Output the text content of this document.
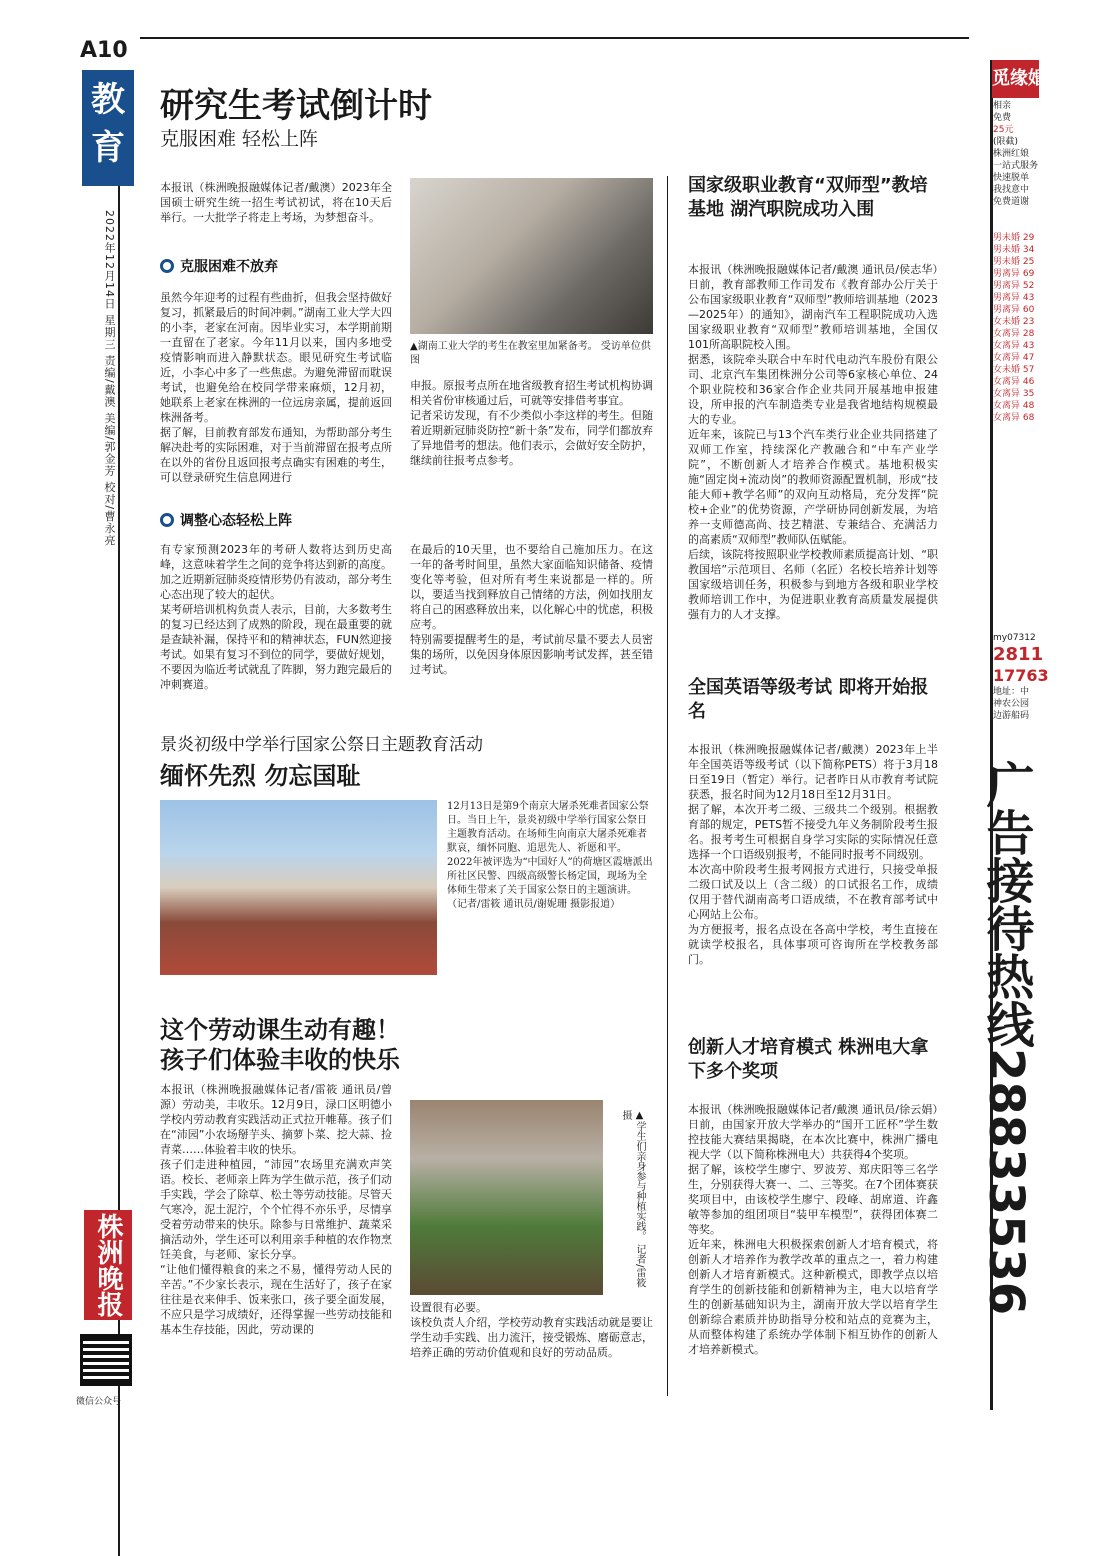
A10
教育
2022年12月14日 星期三 责编/戴澳 美编/郭金芳 校对/曹永亮
株洲晚报
微信公众号
研究生考试倒计时
克服困难 轻松上阵
本报讯（株洲晚报融媒体记者/戴澳）2023年全国硕士研究生统一招生考试初试，将在10天后举行。一大批学子将走上考场，为梦想奋斗。
克服困难不放弃

虽然今年迎考的过程有些曲折，但我会坚持做好复习，抓紧最后的时间冲刺。”湖南工业大学大四的小李，老家在河南。因毕业实习，本学期前期一直留在了老家。今年11月以来，国内多地受疫情影响而进入静默状态。眼见研究生考试临近，小李心中多了一些焦虑。为避免滞留而耽误考试，也避免给在校同学带来麻烦，12月初，她联系上老家在株洲的一位远房亲属，提前返回株洲备考。

据了解，目前教育部发布通知，为帮助部分考生解决赴考的实际困难，对于当前滞留在报考点所在以外的省份且返回报考点确实有困难的考生，可以登录研究生信息网进行

▲湖南工业大学的考生在教室里加紧备考。 受访单位供图

申报。原报考点所在地省级教育招生考试机构协调相关省份审核通过后，可就等安排借考事宜。

记者采访发现，有不少类似小李这样的考生。但随着近期新冠肺炎防控“新十条”发布，同学们都放弃了异地借考的想法。他们表示，会做好安全防护，继续前往报考点参考。

调整心态轻松上阵

有专家预测2023年的考研人数将达到历史高峰，这意味着学生之间的竞争将达到新的高度。加之近期新冠肺炎疫情形势仍有波动，部分考生心态出现了较大的起伏。

某考研培训机构负责人表示，目前，大多数考生的复习已经达到了成熟的阶段，现在最重要的就是查缺补漏，保持平和的精神状态，FUN然迎接考试。如果有复习不到位的同学，要做好规划，不要因为临近考试就乱了阵脚，努力跑完最后的冲刺赛道。

在最后的10天里，也不要给自己施加压力。在这一年的备考时间里，虽然大家面临知识储备、疫情变化等考验，但对所有考生来说都是一样的。所以，要适当找到释放自己情绪的方法，例如找朋友将自己的困惑释放出来，以化解心中的忧虑，积极应考。

特别需要提醒考生的是，考试前尽量不要去人员密集的场所，以免因身体原因影响考试发挥，甚至错过考试。

景炎初级中学举行国家公祭日主题教育活动
缅怀先烈 勿忘国耻

12月13日是第9个南京大屠杀死难者国家公祭日。当日上午，景炎初级中学举行国家公祭日主题教育活动。在场师生向南京大屠杀死难者默哀，缅怀同胞、追思先人、祈愿和平。

2022年被评选为“中国好人”的荷塘区霞塘派出所社区民警、四级高级警长杨定国，现场为全体师生带来了关于国家公祭日的主题演讲。

（记者/雷筱 通讯员/谢妮珊 摄影报道）

这个劳动课生动有趣！
孩子们体验丰收的快乐

本报讯（株洲晚报融媒体记者/雷筱 通讯员/曾源）劳动美，丰收乐。12月9日，渌口区明德小学校内劳动教育实践活动正式拉开帷幕。孩子们在“沛园”小农场掰芋头、摘萝卜菜、挖大蒜、捡青菜……体验着丰收的快乐。

孩子们走进种植园，“沛园”农场里充满欢声笑语。校长、老师亲上阵为学生做示范，孩子们动手实践，学会了除草、松土等劳动技能。尽管天气寒冷，泥土泥泞，个个忙得不亦乐乎，尽情享受着劳动带来的快乐。除参与日常维护、蔬菜采摘活动外，学生还可以利用亲手种植的农作物烹饪美食，与老师、家长分享。

“让他们懂得粮食的来之不易，懂得劳动人民的辛苦。”不少家长表示，现在生活好了，孩子在家往往是衣来伸手、饭来张口，孩子要全面发展，不应只是学习成绩好，还得掌握一些劳动技能和基本生存技能，因此，劳动课的

▲学生们亲身参与种植实践。 记者/雷筱 摄

设置很有必要。

该校负责人介绍，学校劳动教育实践活动就是要让学生动手实践、出力流汗，接受锻炼、磨砺意志，培养正确的劳动价值观和良好的劳动品质。

国家级职业教育“双师型”教培基地 湖汽职院成功入围

本报讯（株洲晚报融媒体记者/戴澳 通讯员/侯志华）日前，教育部教师工作司发布《教育部办公厅关于公布国家级职业教育“双师型”教师培训基地（2023—2025年）的通知》，湖南汽车工程职院成功入选国家级职业教育“双师型”教师培训基地，全国仅101所高职院校入围。

据悉，该院牵头联合中车时代电动汽车股份有限公司、北京汽车集团株洲分公司等6家核心单位、24个职业院校和36家合作企业共同开展基地申报建设，所申报的汽车制造类专业是我省地结构规模最大的专业。

近年来，该院已与13个汽车类行业企业共同搭建了双师工作室，持续深化产教融合和“中车产业学院”，不断创新人才培养合作模式。基地积极实施“固定岗+流动岗”的教师资源配置机制，形成“技能大师+教学名师”的双向互动格局，充分发挥“院校+企业”的优势资源，产学研协同创新发展，为培养一支师德高尚、技艺精湛、专兼结合、充满活力的高素质“双师型”教师队伍赋能。

后续，该院将按照职业学校教师素质提高计划、“职教国培”示范项目、名师（名匠）名校长培养计划等国家级培训任务，积极参与到地方各级和职业学校教师培训工作中，为促进职业教育高质量发展提供强有力的人才支撑。

全国英语等级考试 即将开始报名

本报讯（株洲晚报融媒体记者/戴澳）2023年上半年全国英语等级考试（以下简称PETS）将于3月18日至19日（暂定）举行。记者昨日从市教育考试院获悉，报名时间为12月18日至12月31日。

据了解，本次开考二级、三级共二个级别。根据教育部的规定，PETS暂不接受九年义务制阶段考生报名。报考考生可根据自身学习实际的实际情况任意选择一个口语级别报考，不能同时报考不同级别。

本次高中阶段考生报考网报方式进行，只接受单报二级口试及以上（含二级）的口试报名工作，成绩仅用于替代湖南高考口语成绩，不在教育部考试中心网站上公布。

为方便报考，报名点设在各高中学校，考生直接在就读学校报名，具体事项可咨询所在学校教务部门。

创新人才培育模式 株洲电大拿下多个奖项

本报讯（株洲晚报融媒体记者/戴澳 通讯员/徐云娟）日前，由国家开放大学举办的“国开工匠杯”学生数控技能大赛结果揭晓，在本次比赛中，株洲广播电视大学（以下简称株洲电大）共获得4个奖项。

据了解，该校学生廖宁、罗波芳、郑庆阳等三名学生，分别获得大赛一、二、三等奖。在7个团体赛获奖项目中，由该校学生廖宁、段峰、胡席道、许鑫敏等参加的组团项目“装甲车模型”，获得团体赛二等奖。

近年来，株洲电大积极探索创新人才培育模式，将创新人才培养作为教学改革的重点之一，着力构建创新人才培育新模式。这种新模式，即教学点以培育学生的创新技能和创新精神为主，电大以培育学生的创新基础知识为主，湖南开放大学以培育学生创新综合素质并协助指导分校和站点的竞赛为主，从而整体构建了系统办学体制下相互协作的创新人才培养新模式。

觅缘婚介 神农
相亲
免费
25元
(限截)
株洲红娘
一站式服务
快速脱单
我找意中
免费道谢
男未婚 29
男未婚 34
男未婚 25
男离异 69
男离异 52
男离异 43
男离异 60
女未婚 23
女离异 28
女离异 43
女离异 47
女未婚 57
女离异 46
女离异 35
女离异 48
女离异 68
my07312
2811
17763
地址：中 神农公园 边游船码
广告接待热线28833536
